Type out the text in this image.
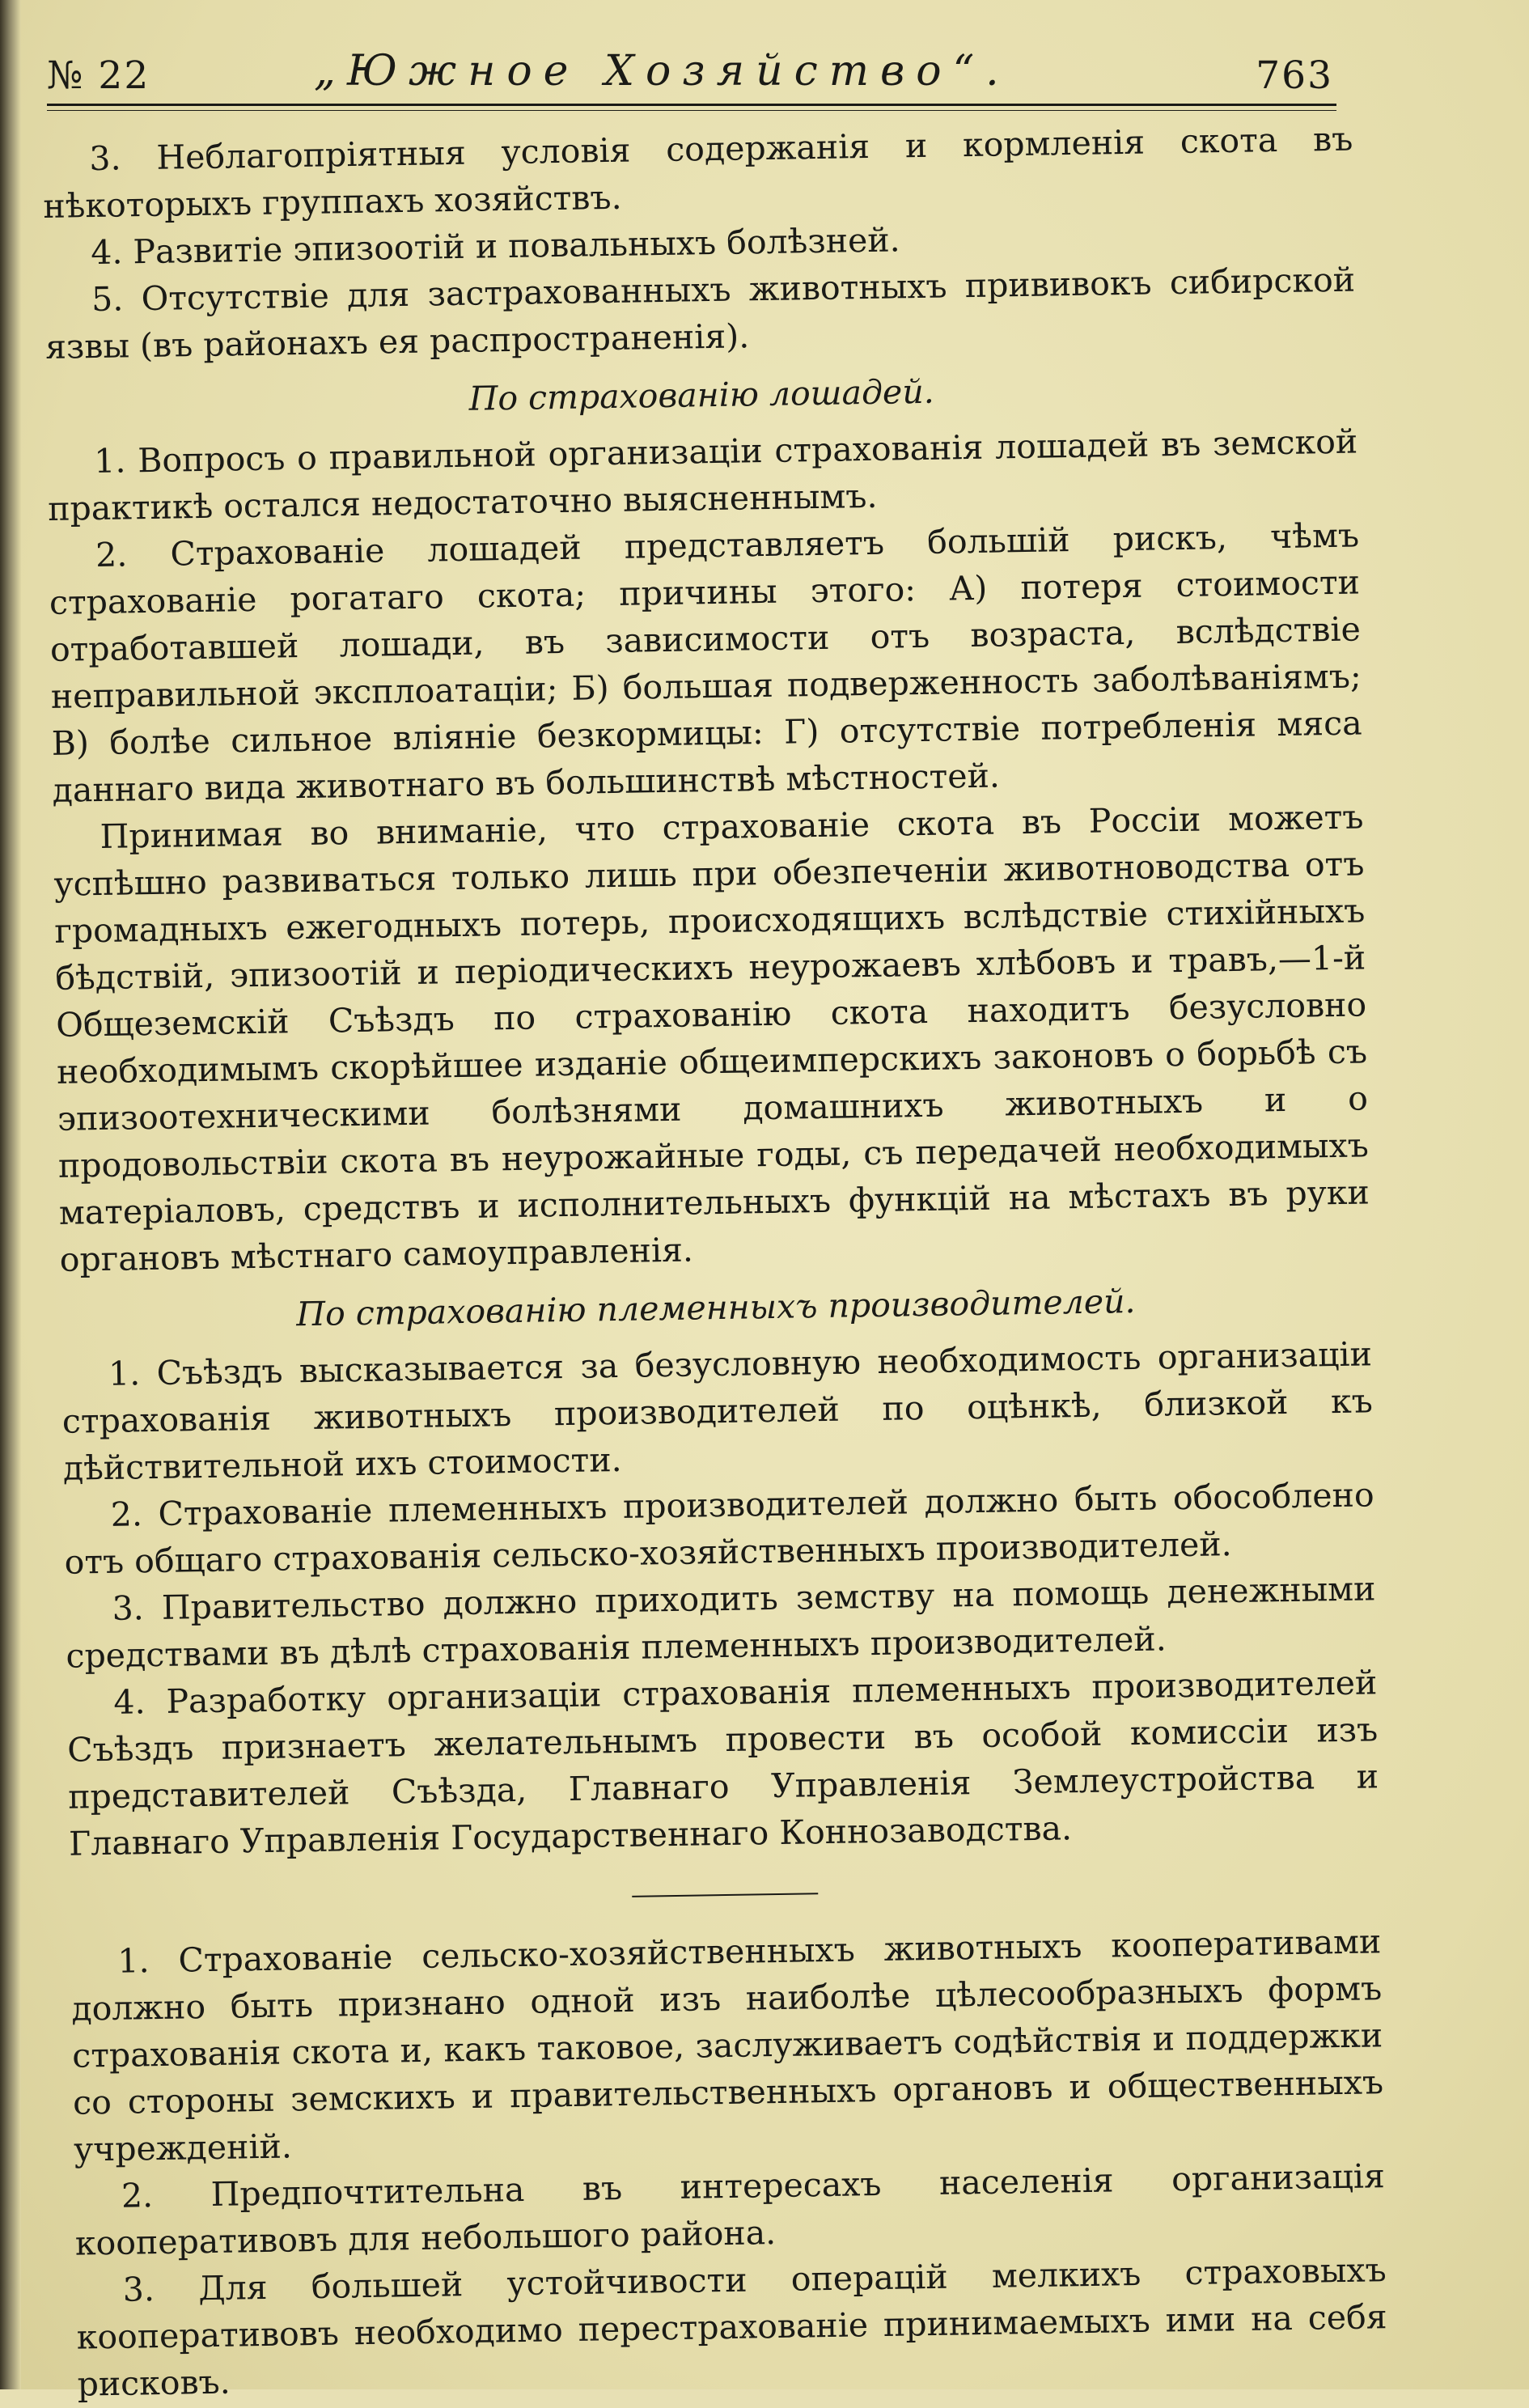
№ 22	„Южное Хозяйство“.	763

3. Неблагопріятныя условія содержанія и кормленія скота въ нѣкоторыхъ группахъ хозяйствъ.

4. Развитіе эпизоотій и повальныхъ болѣзней.

5. Отсутствіе для застрахованныхъ животныхъ прививокъ сибирской язвы (въ районахъ ея распространенія).

По страхованію лошадей.

1. Вопросъ о правильной организаціи страхованія лошадей въ земской практикѣ остался недостаточно выясненнымъ.

2. Страхованіе лошадей представляетъ большій рискъ, чѣмъ страхованіе рогатаго скота; причины этого: А) потеря стоимости отработавшей лошади, въ зависимости отъ возраста, вслѣдствіе неправильной эксплоатаціи; Б) большая подверженность заболѣваніямъ; В) болѣе сильное вліяніе безкормицы: Г) отсутствіе потребленія мяса даннаго вида животнаго въ большинствѣ мѣстностей.

Принимая во вниманіе, что страхованіе скота въ Россіи можетъ успѣшно развиваться только лишь при обезпеченіи животноводства отъ громадныхъ ежегодныхъ потерь, происходящихъ вслѣдствіе стихійныхъ бѣдствій, эпизоотій и періодическихъ неурожаевъ хлѣбовъ и травъ,—1-й Общеземскій Съѣздъ по страхованію скота находитъ безусловно необходимымъ скорѣйшее изданіе общеимперскихъ законовъ о борьбѣ съ эпизоотехническими болѣзнями домашнихъ животныхъ и о продовольствіи скота въ неурожайные годы, съ передачей необходимыхъ матеріаловъ, средствъ и исполнительныхъ функцій на мѣстахъ въ руки органовъ мѣстнаго самоуправленія.

По страхованію племенныхъ производителей.

1. Съѣздъ высказывается за безусловную необходимость организаціи страхованія животныхъ производителей по оцѣнкѣ, близкой къ дѣйствительной ихъ стоимости.

2. Страхованіе племенныхъ производителей должно быть обособлено отъ общаго страхованія сельско-хозяйственныхъ производителей.

3. Правительство должно приходить земству на помощь денежными средствами въ дѣлѣ страхованія племенныхъ производителей.

4. Разработку организаціи страхованія племенныхъ производителей Съѣздъ признаетъ желательнымъ провести въ особой комиссіи изъ представителей Съѣзда, Главнаго Управленія Землеустройства и Главнаго Управленія Государственнаго Коннозаводства.

1. Страхованіе сельско-хозяйственныхъ животныхъ кооперативами должно быть признано одной изъ наиболѣе цѣлесообразныхъ формъ страхованія скота и, какъ таковое, заслуживаетъ содѣйствія и поддержки со стороны земскихъ и правительственныхъ органовъ и общественныхъ учрежденій.

2. Предпочтительна въ интересахъ населенія организація кооперативовъ для небольшого района.

3. Для большей устойчивости операцій мелкихъ страховыхъ кооперативовъ необходимо перестрахованіе принимаемыхъ ими на себя рисковъ.
